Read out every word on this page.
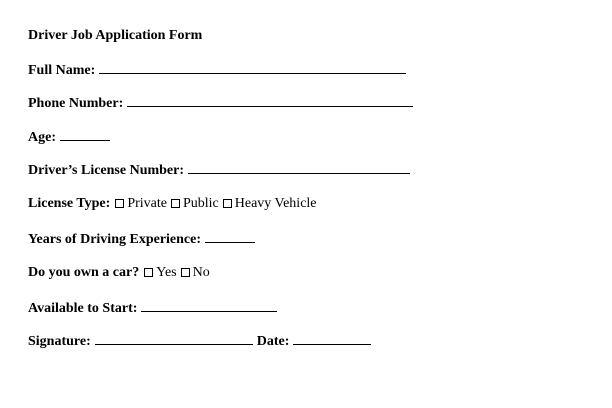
Driver Job Application Form
Full Name:
Phone Number:
Age:
Driver’s License Number:
License Type: Private Public Heavy Vehicle
Years of Driving Experience:
Do you own a car? Yes No
Available to Start:
Signature:	Date:
